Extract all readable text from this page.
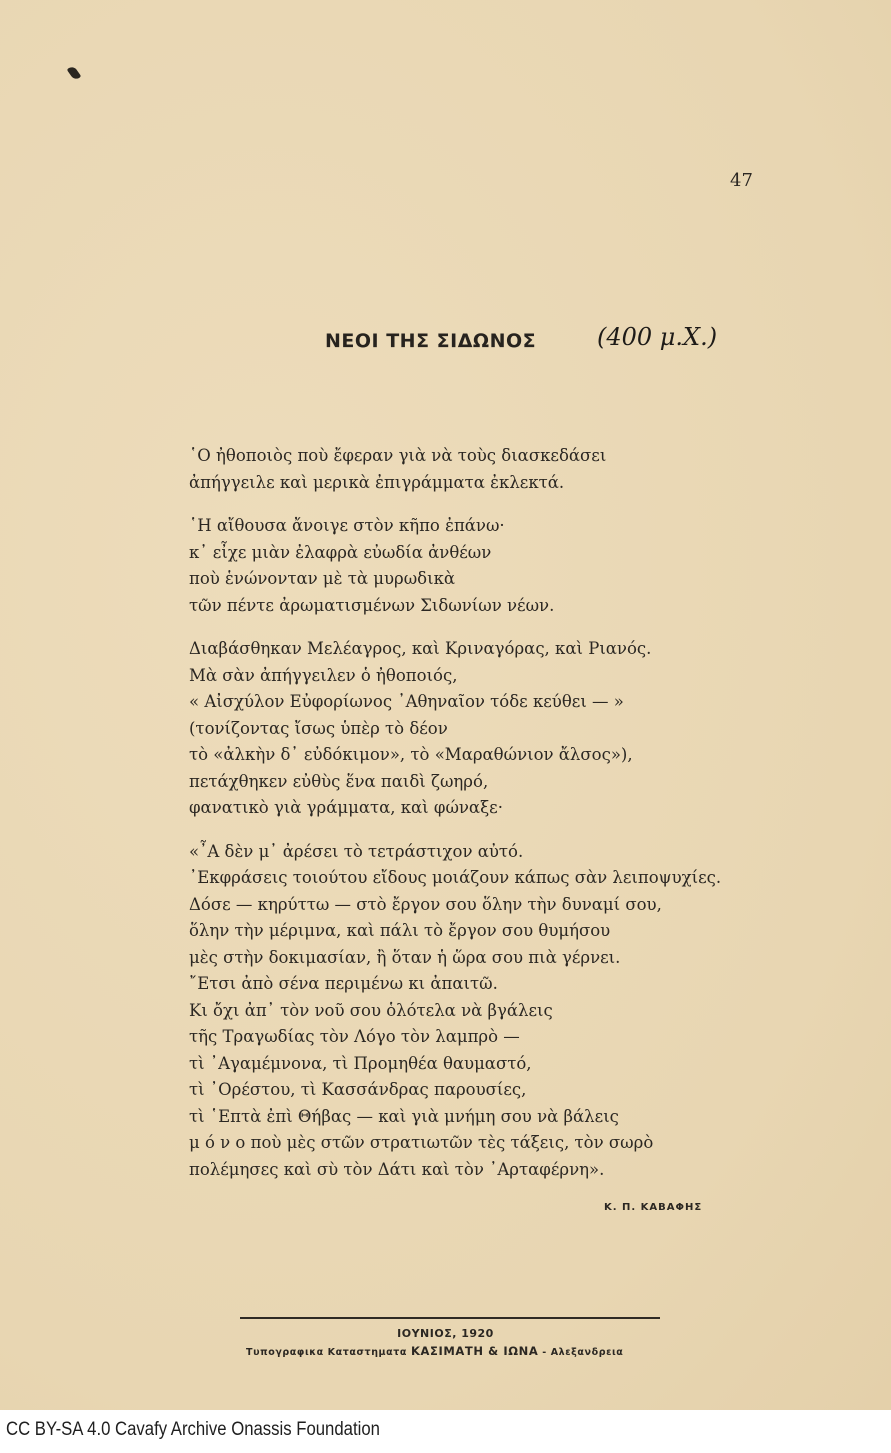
47
ΝΕΟΙ ΤΗΣ ΣΙΔΩΝΟΣ	(400 μ.Χ.)
῾Ο ἠθοποιὸς ποὺ ἔφεραν γιὰ νὰ τοὺς διασκεδάσει
ἀπήγγειλε καὶ μερικὰ ἐπιγράμματα ἐκλεκτά.
῾Η αἴθουσα ἄνοιγε στὸν κῆπο ἐπάνω·
κ᾽ εἶχε μιὰν ἐλαφρὰ εὐωδία ἀνθέων
ποὺ ἑνώνονταν μὲ τὰ μυρωδικὰ
τῶν πέντε ἀρωματισμένων Σιδωνίων νέων.
Διαβάσθηκαν Μελέαγρος, καὶ Κριναγόρας, καὶ Ριανός.
Μὰ σὰν ἀπήγγειλεν ὁ ἠθοποιός,
« Αἰσχύλον Εὐφορίωνος ᾿Αθηναῖον τόδε κεύθει — »
(τονίζοντας ἴσως ὑπὲρ τὸ δέον
τὸ «ἀλκὴν δ᾽ εὐδόκιμον», τὸ «Μαραθώνιον ἄλσος»),
πετάχθηκεν εὐθὺς ἕνα παιδὶ ζωηρό,
φανατικὸ γιὰ γράμματα, καὶ φώναξε·
«῏Α δὲν μ᾽ ἀρέσει τὸ τετράστιχον αὐτό.
᾿Εκφράσεις τοιούτου εἴδους μοιάζουν κάπως σὰν λειποψυχίες.
Δόσε — κηρύττω — στὸ ἔργον σου ὅλην τὴν δυναμί σου,
ὅλην τὴν μέριμνα, καὶ πάλι τὸ ἔργον σου θυμήσου
μὲς στὴν δοκιμασίαν, ἢ ὅταν ἡ ὥρα σου πιὰ γέρνει.
῎Ετσι ἀπὸ σένα περιμένω κι ἀπαιτῶ.
Κι ὄχι ἀπ᾽ τὸν νοῦ σου ὁλότελα νὰ βγάλεις
τῆς Τραγωδίας τὸν Λόγο τὸν λαμπρὸ —
τὶ ᾿Αγαμέμνονα, τὶ Προμηθέα θαυμαστό,
τὶ ᾿Ορέστου, τὶ Κασσάνδρας παρουσίες,
τὶ ῾Επτὰ ἐπὶ Θήβας — καὶ γιὰ μνήμη σου νὰ βάλεις
μ ό ν ο ποὺ μὲς στῶν στρατιωτῶν τὲς τάξεις, τὸν σωρὸ
πολέμησες καὶ σὺ τὸν Δάτι καὶ τὸν ᾿Αρταφέρνη».
Κ. Π. ΚΑΒΑΦΗΣ
ΙΟΥΝΙΟΣ, 1920
Τυπογραφικα Καταστηματα ΚΑΣΙΜΑΤΗ & ΙΩΝΑ - Αλεξανδρεια
CC BY-SA 4.0 Cavafy Archive Onassis Foundation
